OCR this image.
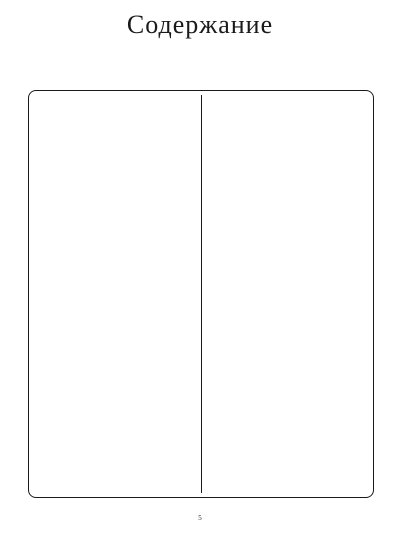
Содержание
5
